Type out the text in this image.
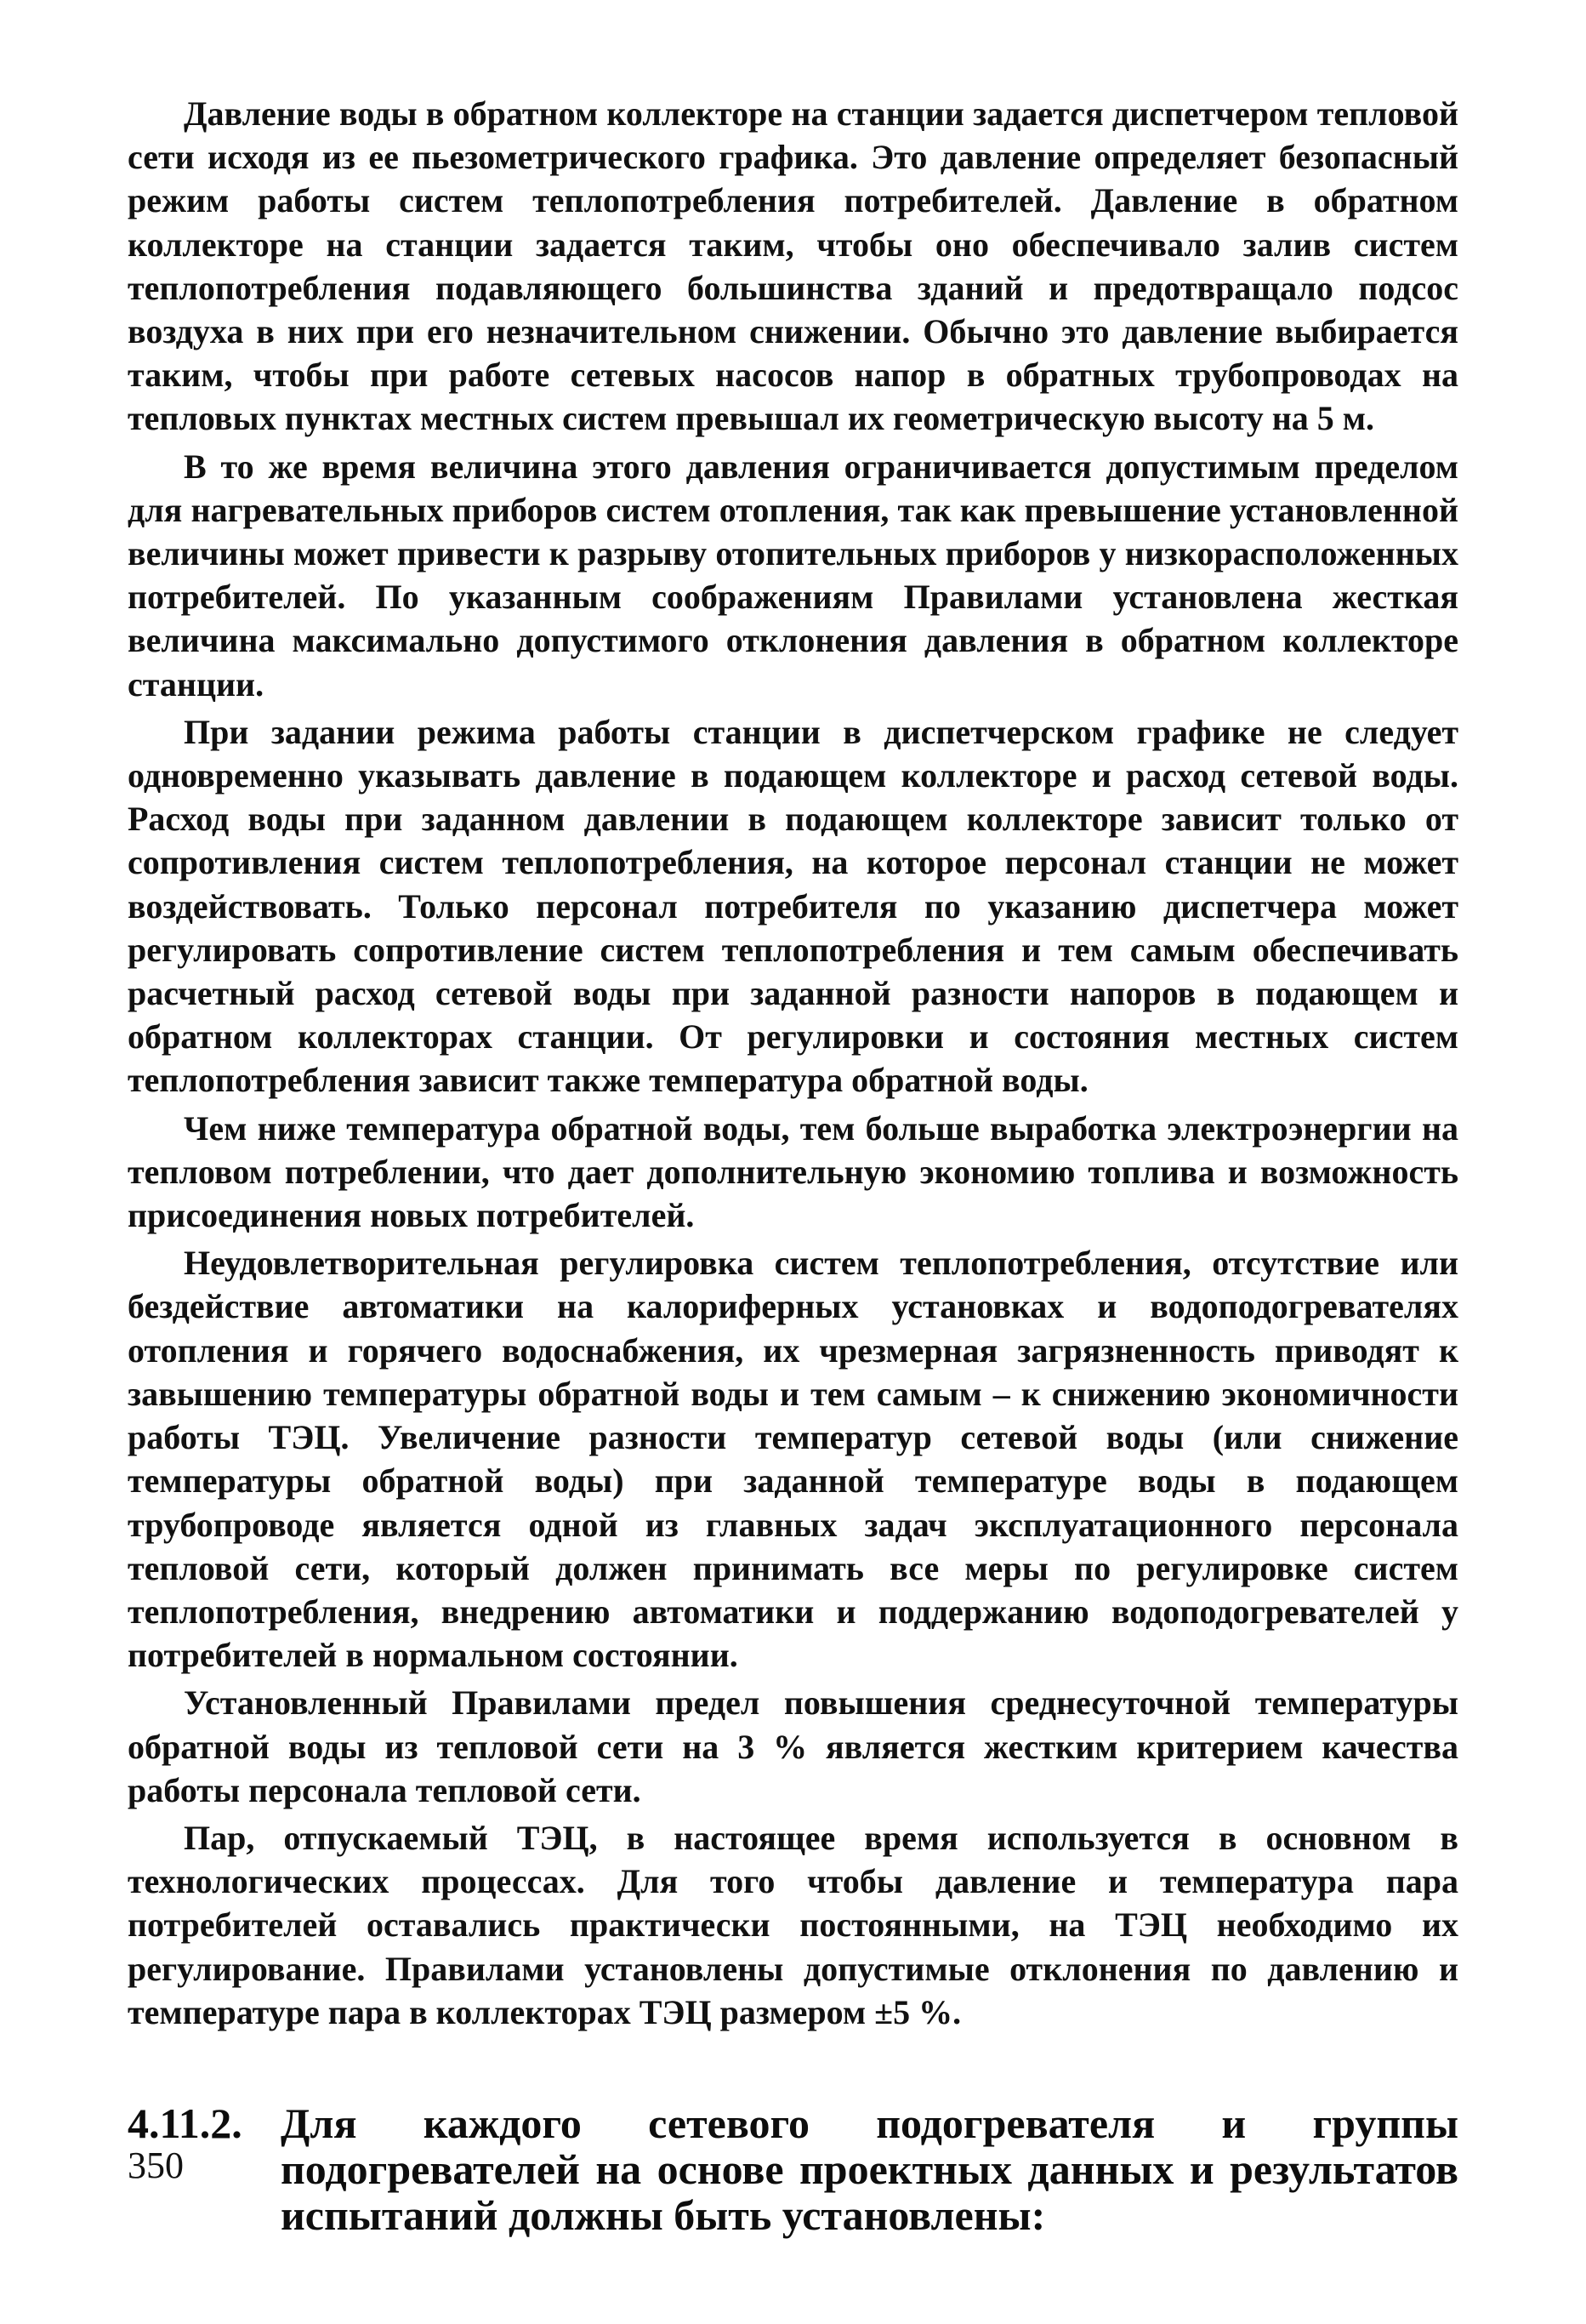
Давление воды в обратном коллекторе на станции задается диспетчером тепловой сети исходя из ее пьезометрического графика. Это давление определяет безопасный режим работы систем теплопотребления потребителей. Давление в обратном коллекторе на станции задается таким, чтобы оно обеспечивало залив систем теплопотребления подавляющего большинства зданий и предотвращало подсос воздуха в них при его незначительном снижении. Обычно это давление выбирается таким, чтобы при работе сетевых насосов напор в обратных трубопроводах на тепловых пунктах местных систем превышал их геометрическую высоту на 5 м.

В то же время величина этого давления ограничивается допустимым пределом для нагревательных приборов систем отопления, так как превышение установленной величины может привести к разрыву отопительных приборов у низкорасположенных потребителей. По указанным соображениям Правилами установлена жесткая величина максимально допустимого отклонения давления в обратном коллекторе станции.

При задании режима работы станции в диспетчерском графике не следует одновременно указывать давление в подающем коллекторе и расход сетевой воды. Расход воды при заданном давлении в подающем коллекторе зависит только от сопротивления систем теплопотребления, на которое персонал станции не может воздействовать. Только персонал потребителя по указанию диспетчера может регулировать сопротивление систем теплопотребления и тем самым обеспечивать расчетный расход сетевой воды при заданной разности напоров в подающем и обратном коллекторах станции. От регулировки и состояния местных систем теплопотребления зависит также температура обратной воды.

Чем ниже температура обратной воды, тем больше выработка электроэнергии на тепловом потреблении, что дает дополнительную экономию топлива и возможность присоединения новых потребителей.

Неудовлетворительная регулировка систем теплопотребления, отсутствие или бездействие автоматики на калориферных установках и водоподогревателях отопления и горячего водоснабжения, их чрезмерная загрязненность приводят к завышению температуры обратной воды и тем самым – к снижению экономичности работы ТЭЦ. Увеличение разности температур сетевой воды (или снижение температуры обратной воды) при заданной температуре воды в подающем трубопроводе является одной из главных задач эксплуатационного персонала тепловой сети, который должен принимать все меры по регулировке систем теплопотребления, внедрению автоматики и поддержанию водоподогревателей у потребителей в нормальном состоянии.

Установленный Правилами предел повышения среднесуточной температуры обратной воды из тепловой сети на 3 % является жестким критерием качества работы персонала тепловой сети.

Пар, отпускаемый ТЭЦ, в настоящее время используется в основном в технологических процессах. Для того чтобы давление и температура пара потребителей оставались практически постоянными, на ТЭЦ необходимо их регулирование. Правилами установлены допустимые отклонения по давлению и температуре пара в коллекторах ТЭЦ размером ±5 %.

4.11.2. Для каждого сетевого подогревателя и группы подогревателей на основе проектных данных и результатов испытаний должны быть установлены:
350
